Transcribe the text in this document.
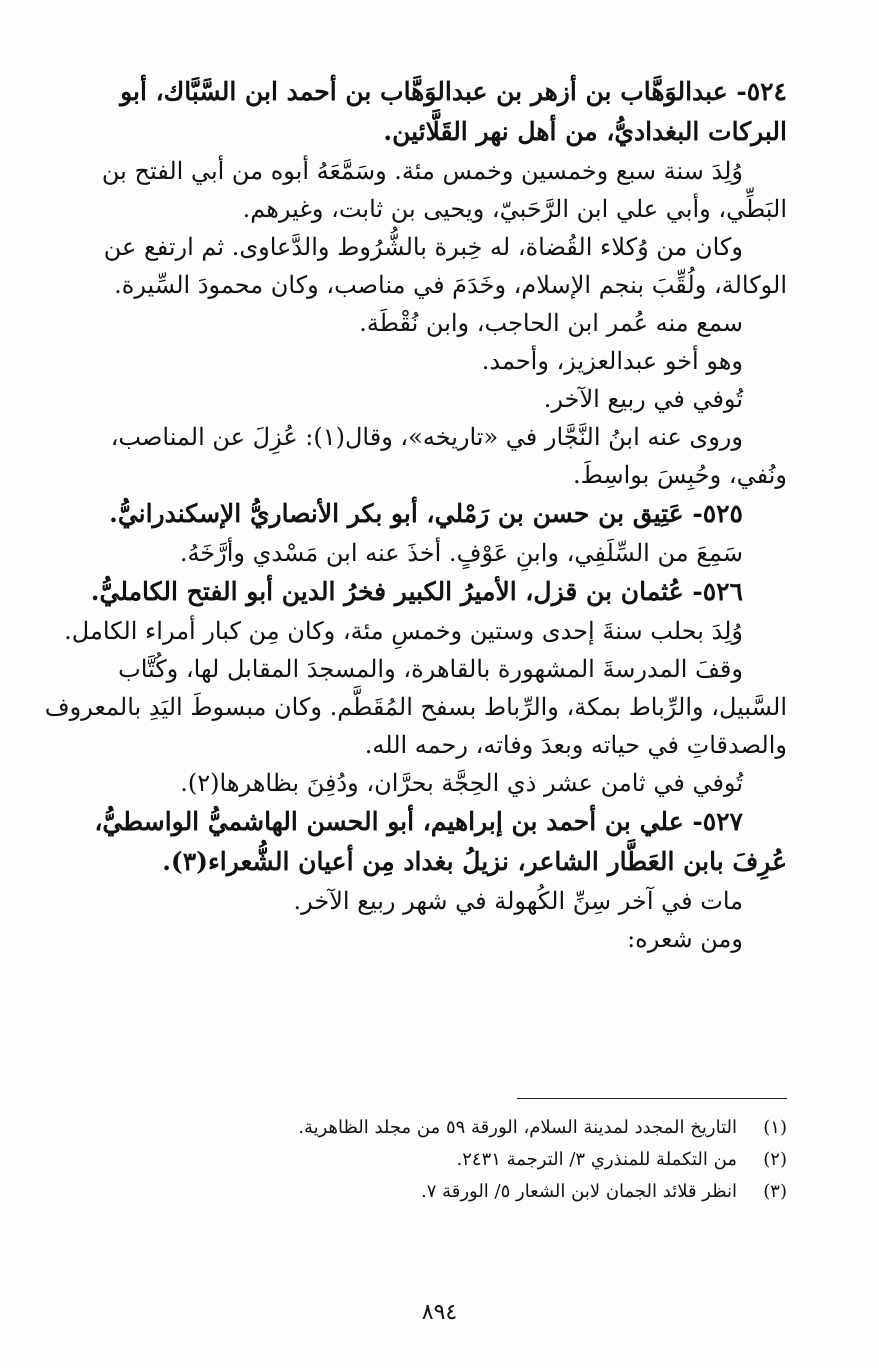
٥٢٤- عبدالوَهَّاب بن أزهر بن عبدالوَهَّاب بن أحمد ابن السَّبَّاك، أبو
البركات البغداديُّ، من أهل نهر القَلَّائين.
وُلِدَ سنة سبع وخمسين وخمس مئة. وسَمَّعَهُ أبوه من أبي الفتح بن
البَطِّي، وأبي علي ابن الرَّحَبيّ، ويحيى بن ثابت، وغيرهم.
وكان من وُكلاء القُضاة، له خِبرة بالشُّرُوط والدَّعاوى. ثم ارتفع عن
الوكالة، ولُقِّبَ بنجم الإسلام، وخَدَمَ في مناصب، وكان محمودَ السِّيرة.
سمع منه عُمر ابن الحاجب، وابن نُقْطَة.
وهو أخو عبدالعزيز، وأحمد.
تُوفي في ربيع الآخر.
وروى عنه ابنُ النَّجَّار في «تاريخه»، وقال(١): عُزِلَ عن المناصب،
ونُفي، وحُبِسَ بواسِطَ.
٥٢٥- عَتِيق بن حسن بن رَمْلي، أبو بكر الأنصاريُّ الإسكندرانيُّ.
سَمِعَ من السِّلَفِي، وابنِ عَوْفٍ. أخذَ عنه ابن مَسْدي وأرَّخَهُ.
٥٢٦- عُثمان بن قزل، الأميرُ الكبير فخرُ الدين أبو الفتح الكامليُّ.
وُلِدَ بحلب سنةَ إحدى وستين وخمسِ مئة، وكان مِن كبار أمراء الكامل.
وقفَ المدرسةَ المشهورة بالقاهرة، والمسجدَ المقابل لها، وكُتَّاب
السَّبيل، والرِّباط بمكة، والرِّباط بسفح المُقَطَّم. وكان مبسوطَ اليَدِ بالمعروف
والصدقاتِ في حياته وبعدَ وفاته، رحمه الله.
تُوفي في ثامن عشر ذي الحِجَّة بحرَّان، ودُفِنَ بظاهرها(٢).
٥٢٧- علي بن أحمد بن إبراهيم، أبو الحسن الهاشميُّ الواسطيُّ،
عُرِفَ بابن العَطَّار الشاعر، نزيلُ بغداد مِن أعيان الشُّعراء(٣).
مات في آخر سِنِّ الكُهولة في شهر ربيع الآخر.
ومن شعره:
(١)
التاريخ المجدد لمدينة السلام، الورقة ٥٩ من مجلد الظاهرية.
(٢)
من التكملة للمنذري ٣/ الترجمة ٢٤٣١.
(٣)
انظر قلائد الجمان لابن الشعار ٥/ الورقة ٧.
٨٩٤
